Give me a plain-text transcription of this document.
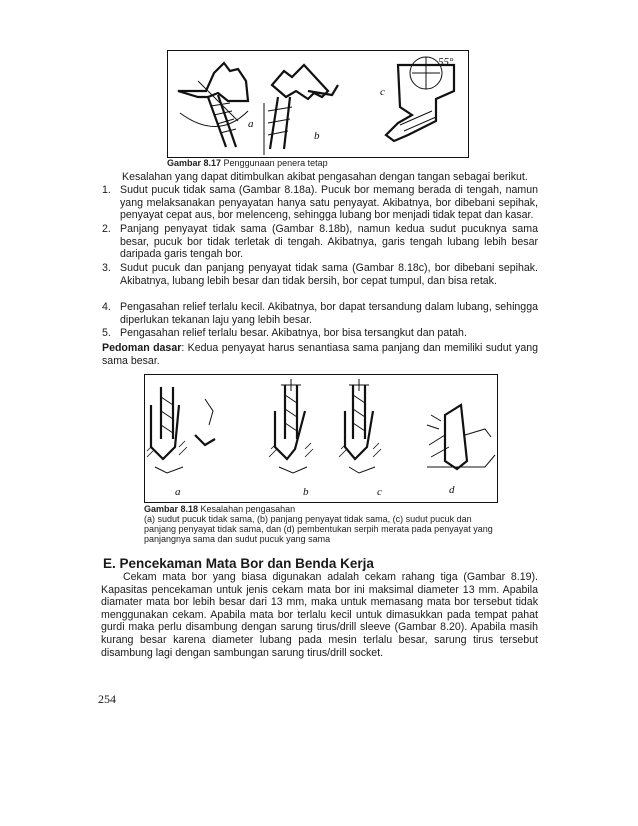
a
b
55°
c
Gambar 8.17 Penggunaan penera tetap
Kesalahan yang dapat ditimbulkan akibat pengasahan dengan tangan sebagai berikut.
1. Sudut pucuk tidak sama (Gambar 8.18a). Pucuk bor memang berada di tengah, namun yang melaksanakan penyayatan hanya satu penyayat. Akibatnya, bor dibebani sepihak, penyayat cepat aus, bor melenceng, sehingga lubang bor menjadi tidak tepat dan kasar.
2. Panjang penyayat tidak sama (Gambar 8.18b), namun kedua sudut pucuknya sama besar, pucuk bor tidak terletak di tengah. Akibatnya, garis tengah lubang lebih besar daripada garis tengah bor.
3. Sudut pucuk dan panjang penyayat tidak sama (Gambar 8.18c), bor dibebani sepihak. Akibatnya, lubang lebih besar dan tidak bersih, bor cepat tumpul, dan bisa retak.
4. Pengasahan relief terlalu kecil. Akibatnya, bor dapat tersandung dalam lubang, sehingga diperlukan tekanan laju yang lebih besar.
5. Pengasahan relief terlalu besar. Akibatnya, bor bisa tersangkut dan patah.
Pedoman dasar: Kedua penyayat harus senantiasa sama panjang dan memiliki sudut yang sama besar.
a	b	c	d
Gambar 8.18 Kesalahan pengasahan
(a) sudut pucuk tidak sama, (b) panjang penyayat tidak sama, (c) sudut pucuk dan panjang penyayat tidak sama, dan (d) pembentukan serpih merata pada penyayat yang panjangnya sama dan sudut pucuk yang sama
E. Pencekaman Mata Bor dan Benda Kerja
Cekam mata bor yang biasa digunakan adalah cekam rahang tiga (Gambar 8.19). Kapasitas pencekaman untuk jenis cekam mata bor ini maksimal diameter 13 mm. Apabila diamater mata bor lebih besar dari 13 mm, maka untuk memasang mata bor tersebut tidak menggunakan cekam. Apabila mata bor terlalu kecil untuk dimasukkan pada tempat pahat gurdi maka perlu disambung dengan sarung tirus/drill sleeve (Gambar 8.20). Apabila masih kurang besar karena diameter lubang pada mesin terlalu besar, sarung tirus tersebut disambung lagi dengan sambungan sarung tirus/drill socket.
254
